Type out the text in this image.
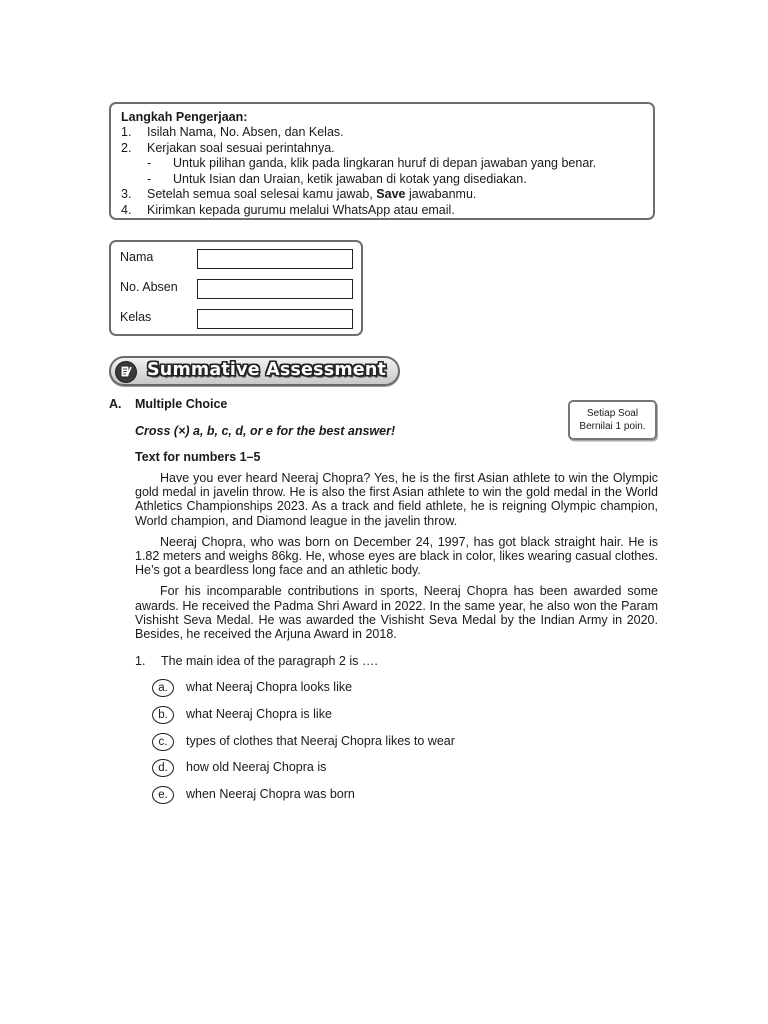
Langkah Pengerjaan:
1. Isilah Nama, No. Absen, dan Kelas.
2. Kerjakan soal sesuai perintahnya.
- Untuk pilihan ganda, klik pada lingkaran huruf di depan jawaban yang benar.
- Untuk Isian dan Uraian, ketik jawaban di kotak yang disediakan.
3. Setelah semua soal selesai kamu jawab, Save jawabanmu.
4. Kirimkan kepada gurumu melalui WhatsApp atau email.
Nama
No. Absen
Kelas
Summative Assessment
A. Multiple Choice
Cross (×) a, b, c, d, or e for the best answer!
Setiap Soal
Bernilai 1 poin.
Text for numbers 1–5

Have you ever heard Neeraj Chopra? Yes, he is the first Asian athlete to win the Olympic gold medal in javelin throw. He is also the first Asian athlete to win the gold medal in the World Athletics Championships 2023. As a track and field athlete, he is reigning Olympic champion, World champion, and Diamond league in the javelin throw.

Neeraj Chopra, who was born on December 24, 1997, has got black straight hair. He is 1.82 meters and weighs 86kg. He, whose eyes are black in color, likes wearing casual clothes. He’s got a beardless long face and an athletic body.

For his incomparable contributions in sports, Neeraj Chopra has been awarded some awards. He received the Padma Shri Award in 2022. In the same year, he also won the Param Vishisht Seva Medal. He was awarded the Vishisht Seva Medal by the Indian Army in 2020. Besides, he received the Arjuna Award in 2018.

1. The main idea of the paragraph 2 is ….
a.	what Neeraj Chopra looks like
b.	what Neeraj Chopra is like
c.	types of clothes that Neeraj Chopra likes to wear
d.	how old Neeraj Chopra is
e.	when Neeraj Chopra was born
